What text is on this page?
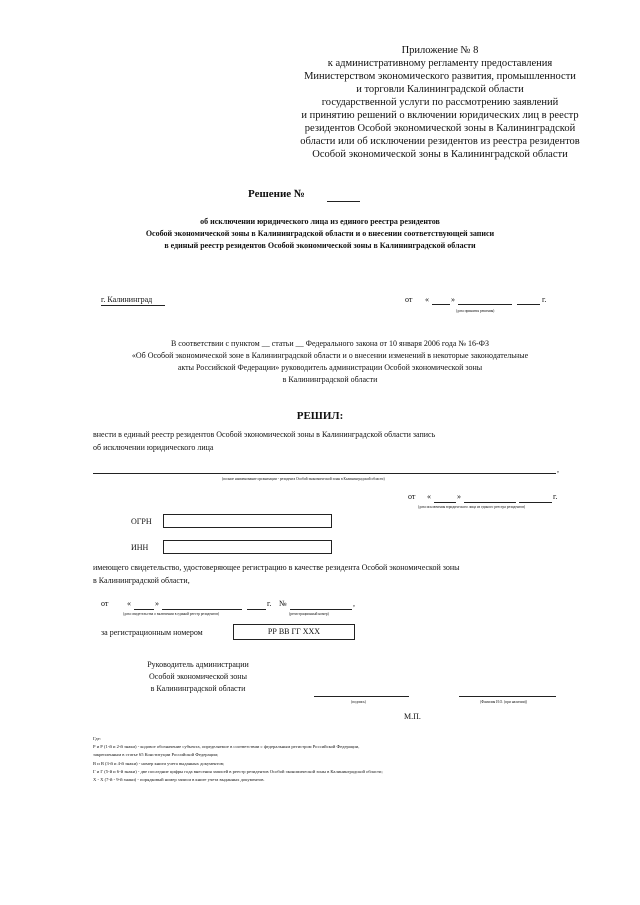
Приложение № 8
к административному регламенту предоставления
Министерством экономического развития, промышленности
и торговли Калининградской области
государственной услуги по рассмотрению заявлений
и принятию решений о включении юридических лиц в реестр
резидентов Особой экономической зоны в Калининградской
области или об исключении резидентов из реестра резидентов
Особой экономической зоны в Калининградской области
Решение №
об исключении юридического лица из единого реестра резидентов
Особой экономической зоны в Калининградской области и о внесении соответствующей записи
в единый реестр резидентов Особой экономической зоны в Калининградской области
г. Калининград	от «	»	г.
(дата принятия решения)
В соответствии с пунктом __ статьи __ Федерального закона от 10 января 2006 года № 16-ФЗ
«Об Особой экономической зоне в Калининградской области и о внесении изменений в некоторые законодательные
акты Российской Федерации» руководитель администрации Особой экономической зоны
в Калининградской области
РЕШИЛ:
внести в единый реестр резидентов Особой экономической зоны в Калининградской области запись
об исключении юридического лица
,
(полное наименование организации - резидента Особой экономической зоны в Калининградской области)
от «	»	г.
(дата исключения юридического лица из единого реестра резидентов)
ОГРН
ИНН
имеющего свидетельство, удостоверяющее регистрацию в качестве резидента Особой экономической зоны
в Калининградской области,
от «	»	г. №	,
(дата свидетельства о включении в единый реестр резидентов)	(регистрационный номер)
за регистрационным номером	РР ВВ ГГ ХХХ
Руководитель администрации
Особой экономической зоны
в Калининградской области
(подпись)	(Фамилия И.О. (при наличии))
М.П.
Где:
Р и Р (1-й и 2-й знаки) - кодовое обозначение субъекта, определяемое в соответствии с федеральным регистром Российской Федерации,
закрепленным в статье 65 Конституции Российской Федерации;
В и В (3-й и 4-й знаки) - номер книги учета выданных документов;
Г и Г (5-й и 6-й знаки) - две последние цифры года внесения записей в реестр резидентов Особой экономической зоны в Калининградской области;
Х - Х (7-й - 9-й знаки) - порядковый номер записи в книге учета выданных документов.
